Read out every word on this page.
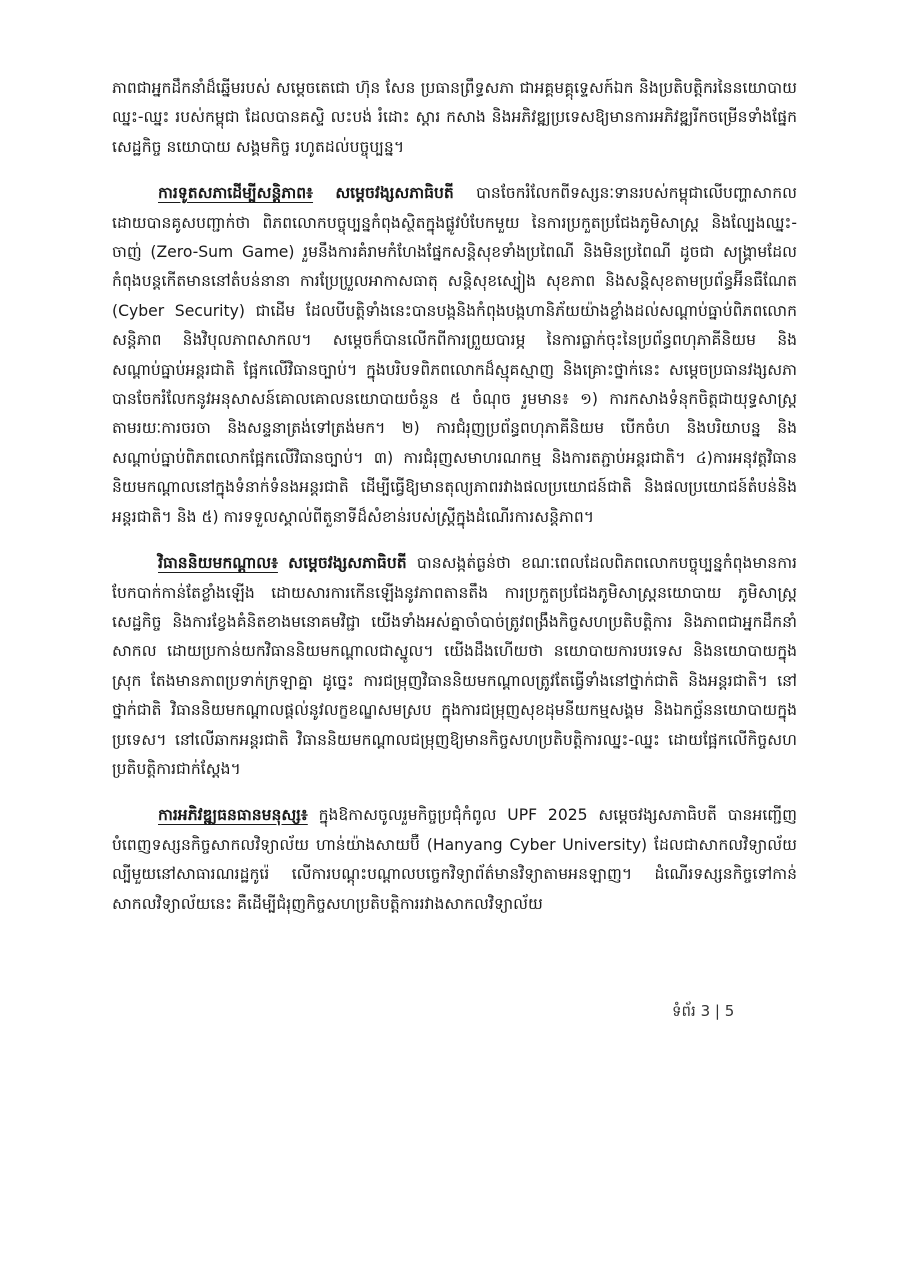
ភាពជាអ្នកដឹកនាំដ៏ឆ្នើមរបស់ សម្តេចតេជោ ហ៊ុន សែន ប្រធានព្រឹទ្ធសភា ជាអគ្គមគ្គុទ្ទេសក៍ឯក និងប្រតិបត្តិករនៃនយោបាយឈ្នះ-ឈ្នះ របស់កម្ពុជា ដែលបានគស្ទិ លះបង់ រំដោះ ស្តារ កសាង និងអភិវឌ្ឍប្រទេសឱ្យមានការអភិវឌ្ឍរីកចម្រើនទាំងផ្នែកសេដ្ឋកិច្ច នយោបាយ សង្គមកិច្ច រហូតដល់បច្ចុប្បន្ន។

ការទូតសភាដើម្បីសន្តិភាព៖ សម្តេចវង្សសភាធិបតី បានចែករំលែកពីទស្សនៈទានរបស់កម្ពុជាលើបញ្ហាសាកល ដោយបានគូសបញ្ជាក់ថា ពិភពលោកបច្ចុប្បន្នកំពុងស្ថិតក្នុងផ្លូវបំបែកមួយ នៃការប្រកួតប្រជែងភូមិសាស្រ្ត និងល្បែងឈ្នះ-ចាញ់ (Zero-Sum Game) រួមនឹងការគំរាមកំហែងផ្នែកសន្តិសុខទាំងប្រពៃណី និងមិនប្រពៃណី ដូចជា សង្គ្រាមដែលកំពុងបន្តកើតមាននៅតំបន់នានា ការប្រែប្រួលអាកាសធាតុ សន្តិសុខស្បៀង សុខភាព និងសន្តិសុខតាមប្រព័ន្ធអ៊ីនធឺណែត (Cyber Security) ជាដើម ដែលបីបត្តិទាំងនេះបានបង្កនិងកំពុងបង្កហានិភ័យយ៉ាងខ្លាំងដល់សណ្តាប់ធ្នាប់ពិភពលោក សន្តិភាព និងវិបុលភាពសាកល។ សម្តេចក៏បានលើកពីការព្រួយបារម្ភ នៃការធ្លាក់ចុះនៃប្រព័ន្ធពហុភាគីនិយម និងសណ្តាប់ធ្នាប់អន្តរជាតិ ផ្អែកលើវិធានច្បាប់។ ក្នុងបរិបទពិភពលោកដ៏ស្មុគស្មាញ និងគ្រោះថ្នាក់នេះ សម្តេចប្រធានវង្សសភា បានចែករំលែកនូវអនុសាសន៍គោលគោលនយោបាយចំនួន ៥ ចំណុច រួមមាន៖ ១) ការកសាងទំនុកចិត្តជាយុទ្ធសាស្ត្រ តាមរយៈការចរចា និងសន្ទនាត្រង់ទៅត្រង់មក។ ២) ការជំរុញប្រព័ន្ធពហុភាគីនិយម បើកចំហ និងបរិយាបន្ន និងសណ្តាប់ធ្នាប់ពិភពលោកផ្អែកលើវិធានច្បាប់។ ៣) ការជំរុញសមាហរណកម្ម និងការតភ្ជាប់អន្តរជាតិ។ ៤)ការអនុវត្តវិធាននិយមកណ្តាលនៅក្នុងទំនាក់ទំនងអន្តរជាតិ ដើម្បីធ្វើឱ្យមានតុល្យភាពរវាងផលប្រយោជន៍ជាតិ និងផលប្រយោជន៍តំបន់និងអន្តរជាតិ។ និង ៥) ការទទួលស្គាល់ពីតួនាទីដ៏សំខាន់របស់ស្ត្រីក្នុងដំណើរការសន្តិភាព។

វិធាននិយមកណ្តាល៖ សម្តេចវង្សសភាធិបតី បានសង្កត់ធ្ងន់ថា ខណៈពេលដែលពិភពលោកបច្ចុប្បន្នកំពុងមានការបែកបាក់កាន់តែខ្លាំងឡើង ដោយសារការកើនឡើងនូវភាពតានតឹង ការប្រកួតប្រជែងភូមិសាស្ត្រនយោបាយ ភូមិសាស្ត្រសេដ្ឋកិច្ច និងការខ្វែងគំនិតខាងមនោគមវិជ្ជា យើងទាំងអស់គ្នាចាំបាច់ត្រូវពង្រឹងកិច្ចសហប្រតិបត្តិការ និងភាពជាអ្នកដឹកនាំសាកល ដោយប្រកាន់យកវិធាននិយមកណ្តាលជាស្នូល។ យើងដឹងហើយថា នយោបាយការបរទេស និងនយោបាយក្នុងស្រុក តែងមានភាពប្រទាក់ក្រឡាគ្នា ដូច្នេះ ការជម្រុញវិធាននិយមកណ្តាលត្រូវតែធ្វើទាំងនៅថ្នាក់ជាតិ និងអន្តរជាតិ។ នៅថ្នាក់ជាតិ វិធាននិយមកណ្តាលផ្តល់នូវលក្ខខណ្ឌសមស្រប ក្នុងការជម្រុញសុខដុមនីយកម្មសង្គម និងឯកច្ឆ័ននយោបាយក្នុងប្រទេស។ នៅលើឆាកអន្តរជាតិ វិធាននិយមកណ្តាលជម្រុញឱ្យមានកិច្ចសហប្រតិបត្តិការឈ្នះ-ឈ្នះ ដោយផ្អែកលើកិច្ចសហប្រតិបត្តិការជាក់ស្តែង។

ការអភិវឌ្ឍធនធានមនុស្ស៖ ក្នុងឱកាសចូលរួមកិច្ចប្រជុំកំពូល UPF 2025 សម្តេចវង្សសភាធិបតី បានអញ្ជើញបំពេញទស្សនកិច្ចសាកលវិទ្យាល័យ ហាន់យ៉ាងសាយប៊ឺ (Hanyang Cyber University) ដែលជាសាកលវិទ្យាល័យល្បីមួយនៅសាធារណរដ្ឋកូរ៉េ លើការបណ្តុះបណ្តាលបច្ចេកវិទ្យាព័ត៌មានវិទ្យាតាមអនឡាញ។ ដំណើរទស្សនកិច្ចទៅកាន់សាកលវិទ្យាល័យនេះ គឺដើម្បីជំរុញកិច្ចសហប្រតិបត្តិការរវាងសាកលវិទ្យាល័យ

ទំព័រ 3 | 5
